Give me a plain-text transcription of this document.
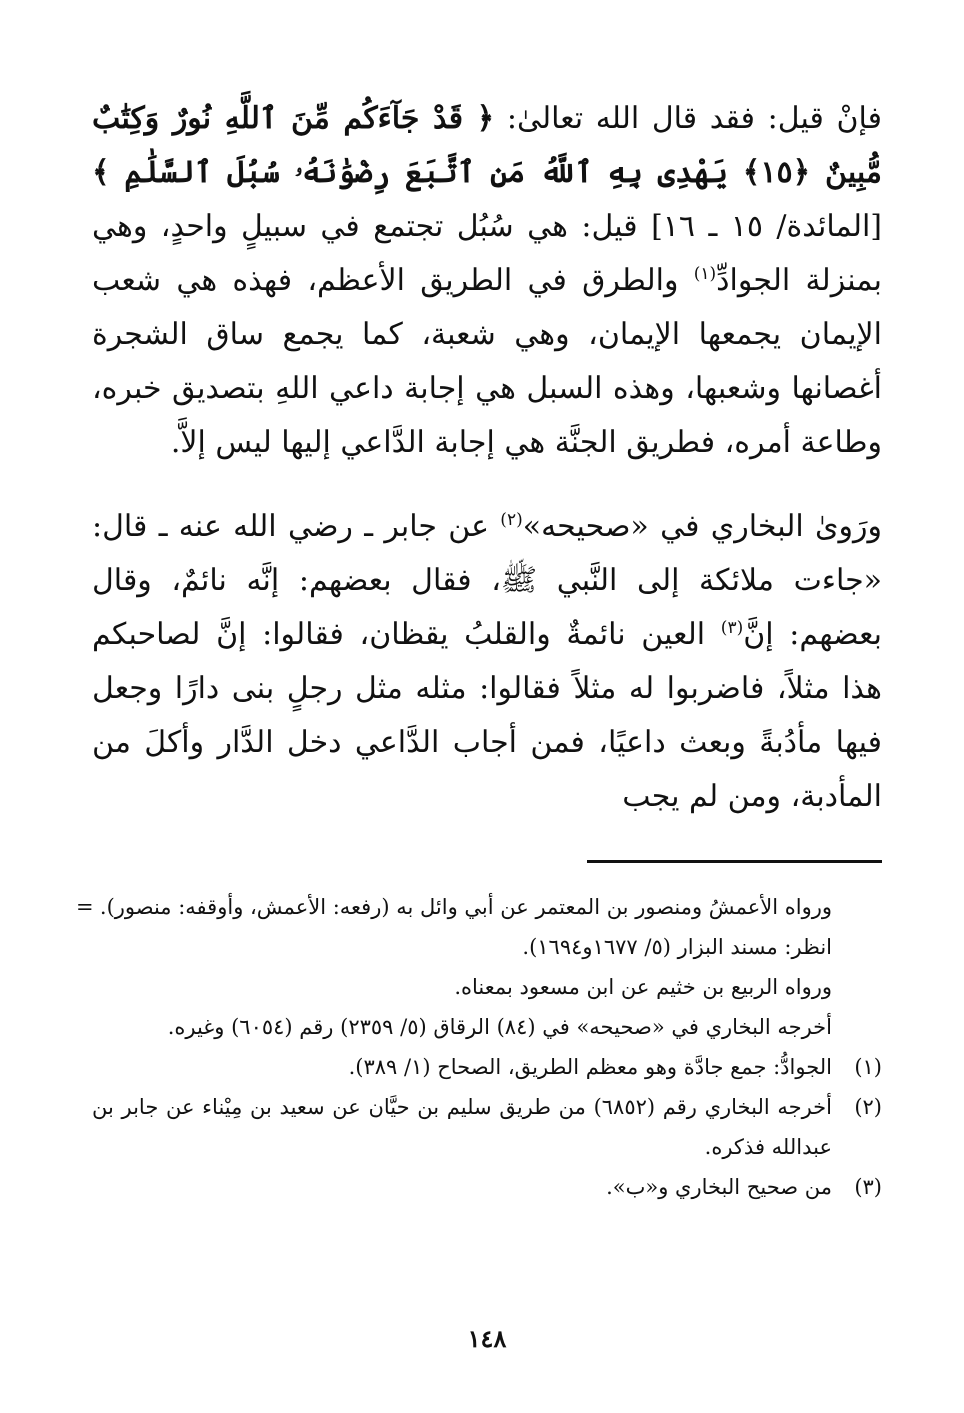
فإنْ قيل: فقد قال الله تعالىٰ: ﴿ قَدْ جَآءَكُم مِّنَ ٱللَّهِ نُورٌ وَكِتَٰبٌ مُّبِينٌ ﴿١٥﴾ يَهْدِى بِهِ ٱللَّهُ مَنِ ٱتَّبَعَ رِضْوَٰنَهُۥ سُبُلَ ٱلسَّلَٰمِ ﴾ [المائدة/ ١٥ ـ ١٦] قيل: هي سُبُل تجتمع في سبيلٍ واحدٍ، وهي بمنزلة الجوادِّ$^{(١)}$ والطرق في الطريق الأعظم، فهذه هي شعب الإيمان يجمعها الإيمان، وهي شعبة، كما يجمع ساق الشجرة أغصانها وشعبها، وهذه السبل هي إجابة داعي اللهِ بتصديق خبره، وطاعة أمره، فطريق الجنَّة هي إجابة الدَّاعي إليها ليس إلاَّ.

ورَوىٰ البخاري في «صحيحه»$^{(٢)}$ عن جابر ـ رضي الله عنه ـ قال: «جاءت ملائكة إلى النَّبي ﷺ، فقال بعضهم: إنَّه نائمٌ، وقال بعضهم: إنَّ$^{(٣)}$ العين نائمةٌ والقلبُ يقظان، فقالوا: إنَّ لصاحبكم هذا مثلاً، فاضربوا له مثلاً فقالوا: مثله مثل رجلٍ بنى دارًا وجعل فيها مأدُبةً وبعث داعيًا، فمن أجاب الدَّاعي دخل الدَّار وأكلَ من المأدبة، ومن لم يجب

= ورواه الأعمشُ ومنصور بن المعتمر عن أبي وائل به (رفعه: الأعمش، وأوقفه: منصور).
انظر: مسند البزار (٥/ ١٦٧٧و١٦٩٤).
ورواه الربيع بن خثيم عن ابن مسعود بمعناه.
أخرجه البخاري في «صحيحه» في (٨٤) الرقاق (٥/ ٢٣٥٩) رقم (٦٠٥٤) وغيره.
(١)
الجوادُّ: جمع جادَّة وهو معظم الطريق، الصحاح (١/ ٣٨٩).
(٢)
أخرجه البخاري رقم (٦٨٥٢) من طريق سليم بن حيَّان عن سعيد بن مِيْناء عن جابر بن عبدالله فذكره.
(٣)
من صحيح البخاري و«ب».
١٤٨
